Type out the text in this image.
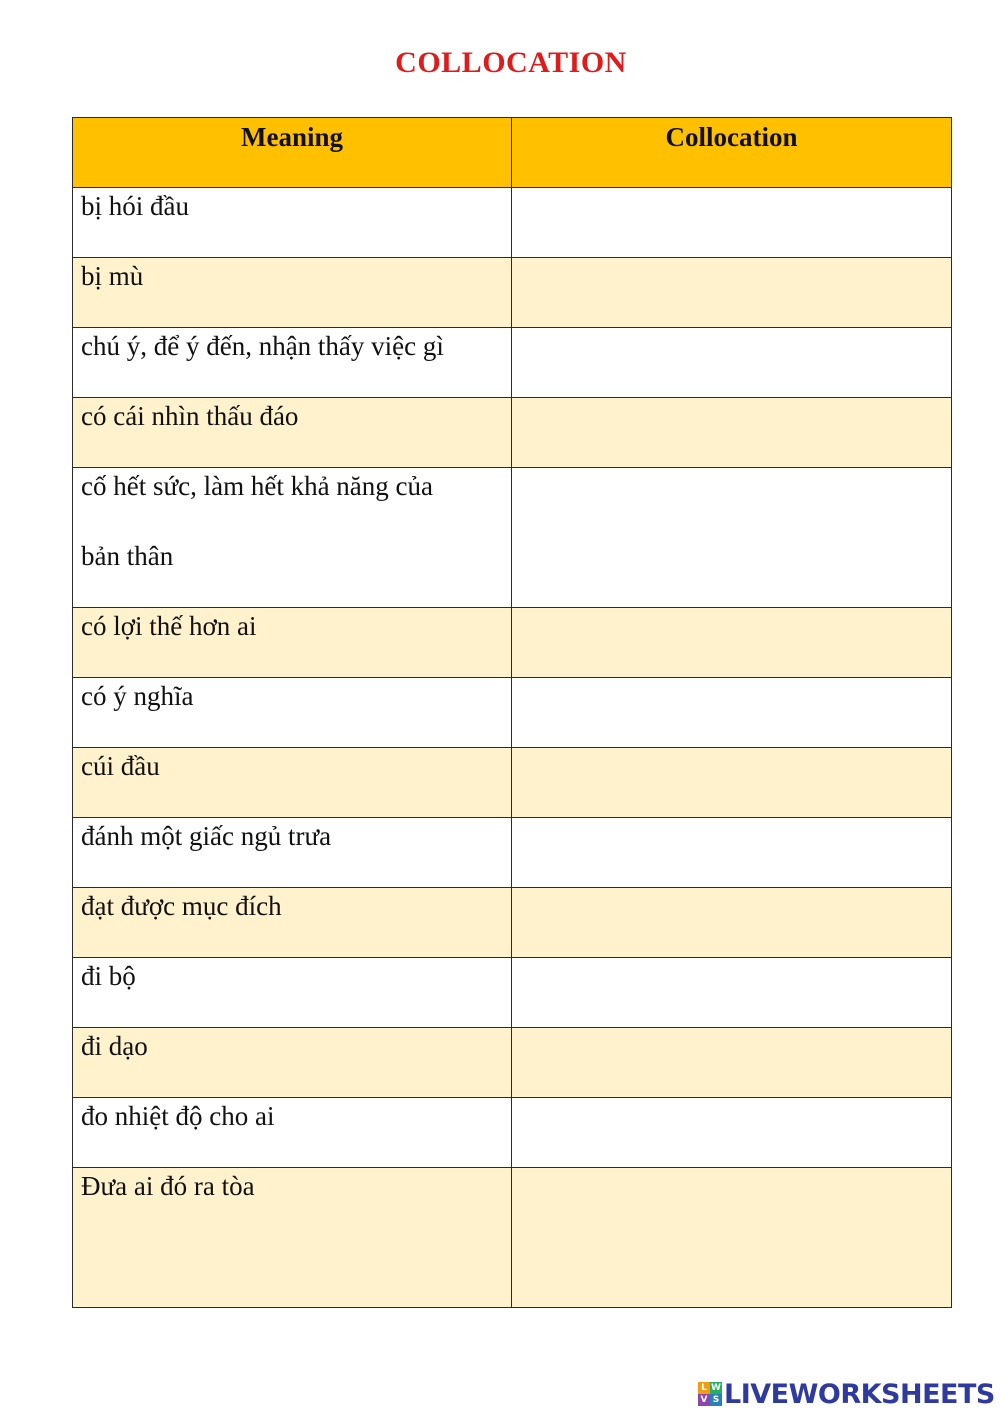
COLLOCATION
Meaning	Collocation

bị hói đầu	

bị mù	

chú ý, để ý đến, nhận thấy việc gì	

có cái nhìn thấu đáo	

cố hết sức, làm hết khả năng của
bản thân	

có lợi thế hơn ai	

có ý nghĩa	

cúi đầu	

đánh một giấc ngủ trưa	

đạt được mục đích	

đi bộ	

đi dạo	

đo nhiệt độ cho ai	

Đưa ai đó ra tòa	

L W
V S LIVEWORKSHEETS
